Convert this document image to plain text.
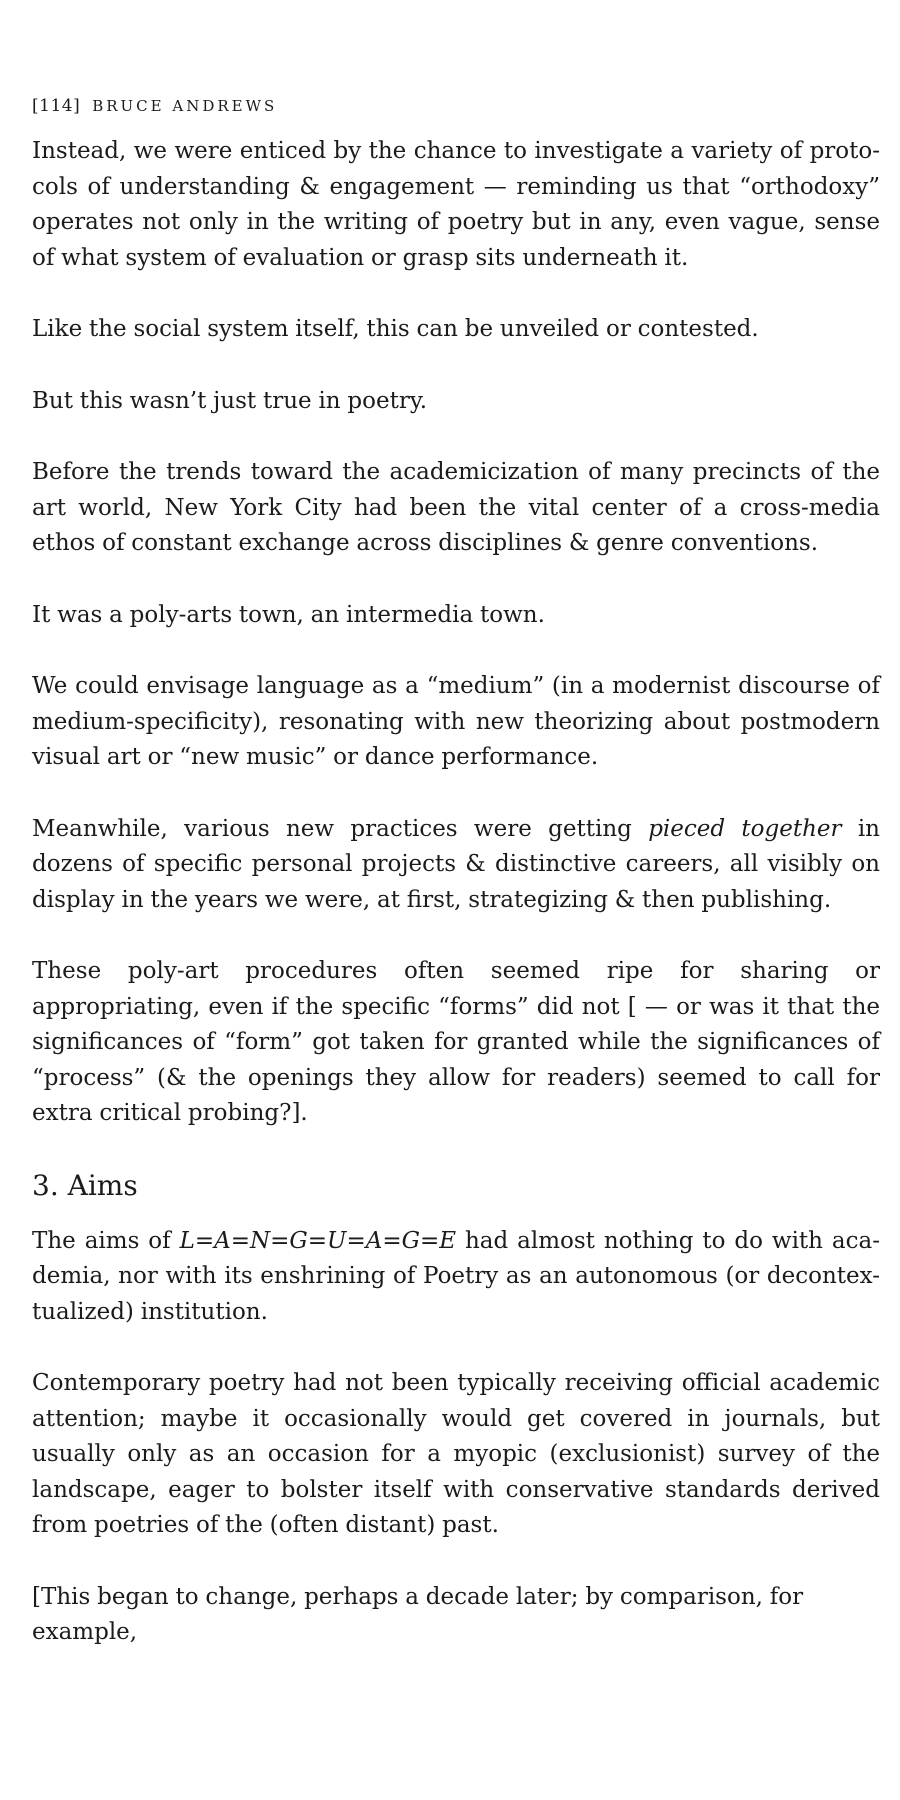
[114] BRUCE ANDREWS

Instead, we were enticed by the chance to investigate a variety of proto-cols of understanding & engagement — reminding us that “orthodoxy” operates not only in the writing of poetry but in any, even vague, sense of what system of evaluation or grasp sits underneath it.

Like the social system itself, this can be unveiled or contested.

But this wasn’t just true in poetry.

Before the trends toward the academicization of many precincts of the art world, New York City had been the vital center of a cross-media ethos of constant exchange across disciplines & genre conventions.

It was a poly-arts town, an intermedia town.

We could envisage language as a “medium” (in a modernist discourse of medium-specificity), resonating with new theorizing about postmodern visual art or “new music” or dance performance.

Meanwhile, various new practices were getting pieced together in dozens of specific personal projects & distinctive careers, all visibly on display in the years we were, at first, strategizing & then publishing.

These poly-art procedures often seemed ripe for sharing or appropriating, even if the specific “forms” did not [ — or was it that the significances of “form” got taken for granted while the significances of “process” (& the openings they allow for readers) seemed to call for extra critical probing?].

3. Aims

The aims of L=A=N=G=U=A=G=E had almost nothing to do with aca-demia, nor with its enshrining of Poetry as an autonomous (or decontex-tualized) institution.

Contemporary poetry had not been typically receiving official academic attention; maybe it occasionally would get covered in journals, but usually only as an occasion for a myopic (exclusionist) survey of the landscape, eager to bolster itself with conservative standards derived from poetries of the (often distant) past.

[This began to change, perhaps a decade later; by comparison, for example,
